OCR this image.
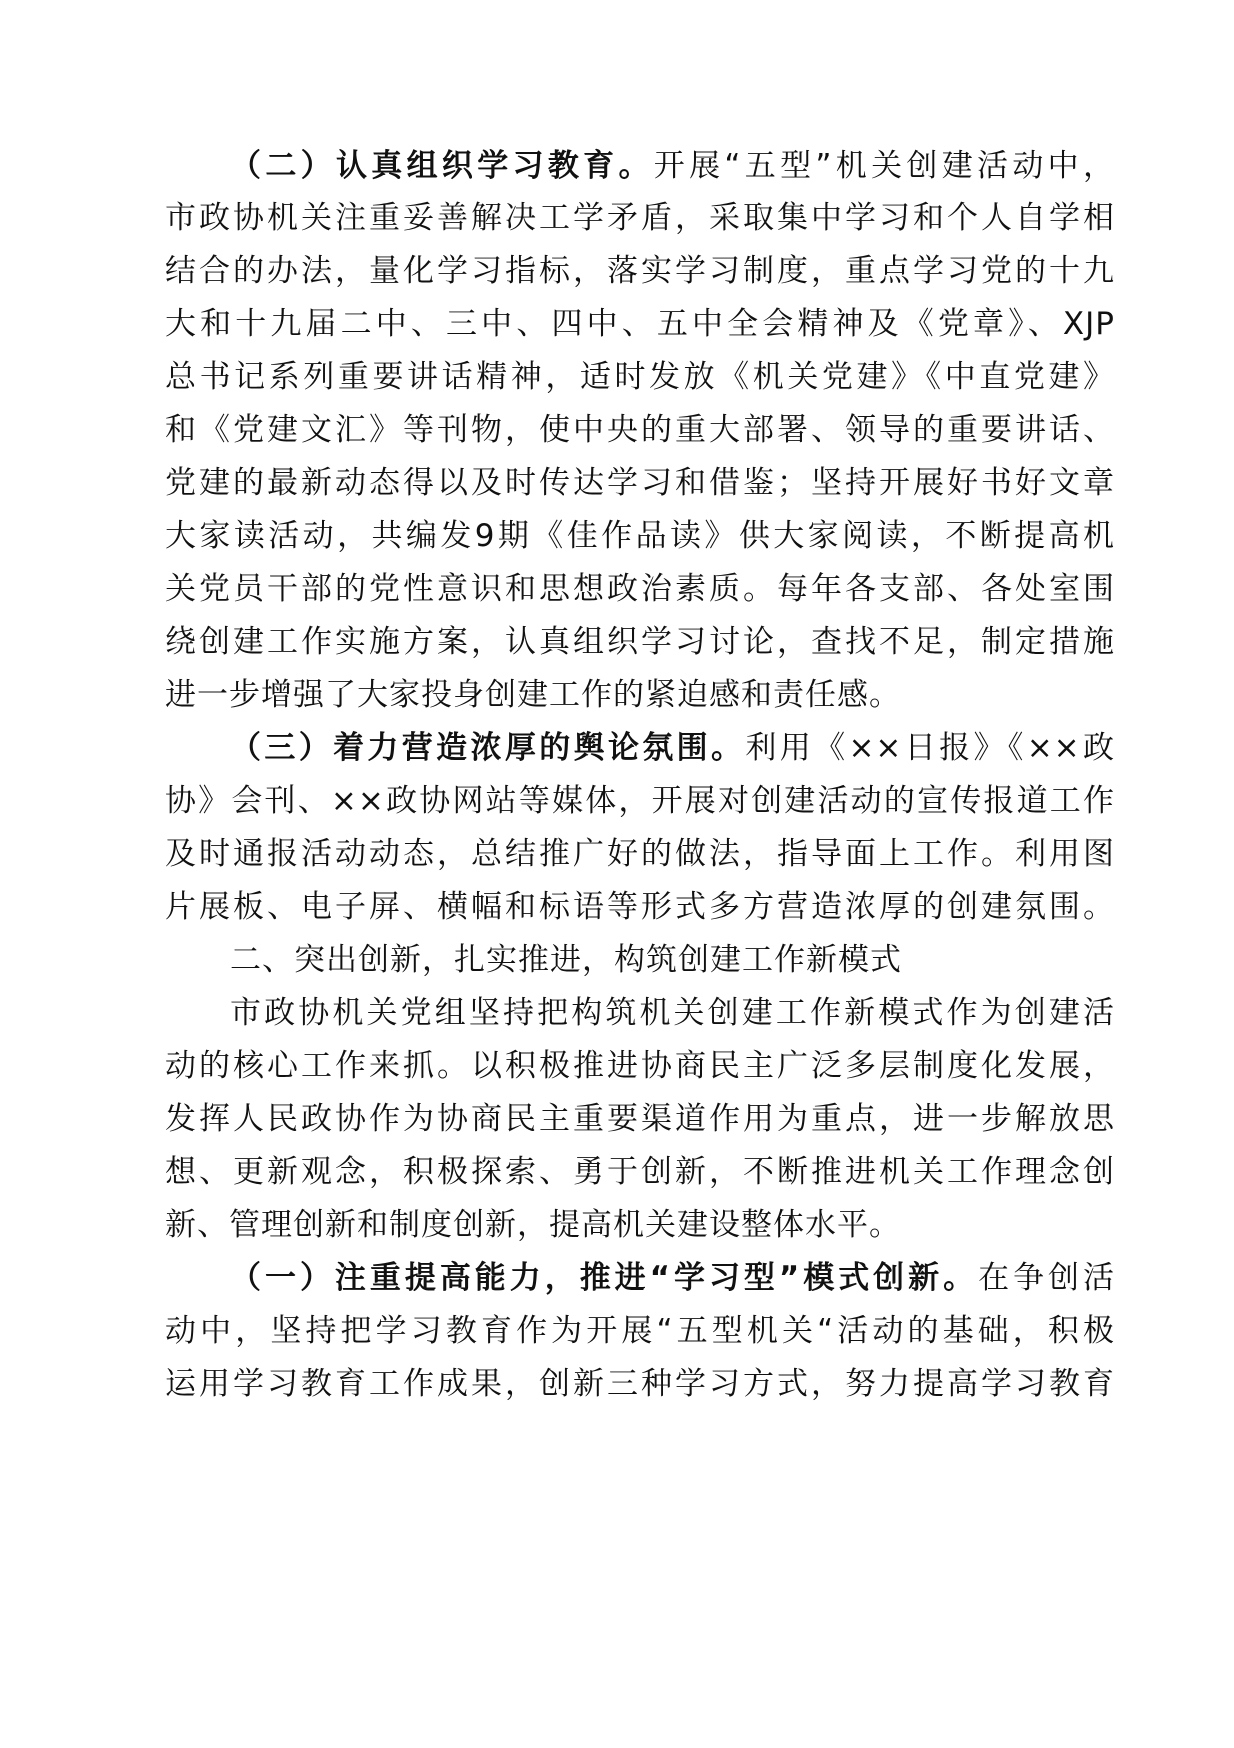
（二）认真组织学习教育。开展“五型”机关创建活动中，
市政协机关注重妥善解决工学矛盾，采取集中学习和个人自学相
结合的办法，量化学习指标，落实学习制度，重点学习党的十九
大和十九届二中、三中、四中、五中全会精神及《党章》、XJP
总书记系列重要讲话精神，适时发放《机关党建》《中直党建》
和《党建文汇》等刊物，使中央的重大部署、领导的重要讲话、
党建的最新动态得以及时传达学习和借鉴；坚持开展好书好文章
大家读活动，共编发9期《佳作品读》供大家阅读，不断提高机
关党员干部的党性意识和思想政治素质。每年各支部、各处室围
绕创建工作实施方案，认真组织学习讨论，查找不足，制定措施
进一步增强了大家投身创建工作的紧迫感和责任感。
（三）着力营造浓厚的舆论氛围。利用《××日报》《××政
协》会刊、××政协网站等媒体，开展对创建活动的宣传报道工作
及时通报活动动态，总结推广好的做法，指导面上工作。利用图
片展板、电子屏、横幅和标语等形式多方营造浓厚的创建氛围。
二、突出创新，扎实推进，构筑创建工作新模式
市政协机关党组坚持把构筑机关创建工作新模式作为创建活
动的核心工作来抓。以积极推进协商民主广泛多层制度化发展，
发挥人民政协作为协商民主重要渠道作用为重点，进一步解放思
想、更新观念，积极探索、勇于创新，不断推进机关工作理念创
新、管理创新和制度创新，提高机关建设整体水平。
（一）注重提高能力，推进“学习型”模式创新。在争创活
动中，坚持把学习教育作为开展“五型机关“活动的基础，积极
运用学习教育工作成果，创新三种学习方式，努力提高学习教育
